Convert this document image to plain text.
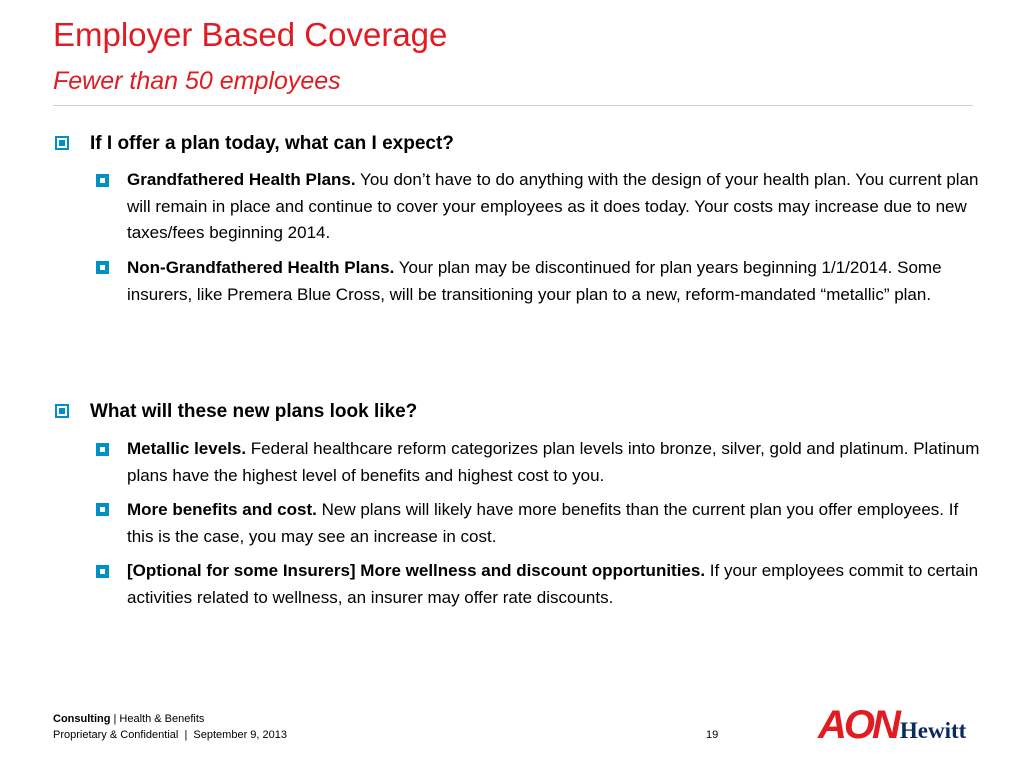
Employer Based Coverage
Fewer than 50 employees
If I offer a plan today, what can I expect?
Grandfathered Health Plans. You don’t have to do anything with the design of your health plan. You current plan will remain in place and continue to cover your employees as it does today. Your costs may increase due to new taxes/fees beginning 2014.
Non-Grandfathered Health Plans. Your plan may be discontinued for plan years beginning 1/1/2014. Some insurers, like Premera Blue Cross, will be transitioning your plan to a new, reform-mandated “metallic” plan.
What will these new plans look like?
Metallic levels. Federal healthcare reform categorizes plan levels into bronze, silver, gold and platinum. Platinum plans have the highest level of benefits and highest cost to you.
More benefits and cost. New plans will likely have more benefits than the current plan you offer employees. If this is the case, you may see an increase in cost.
[Optional for some Insurers] More wellness and discount opportunities. If your employees commit to certain activities related to wellness, an insurer may offer rate discounts.
Consulting | Health & Benefits
Proprietary & Confidential  |  September 9, 2013	19 AONHewitt
